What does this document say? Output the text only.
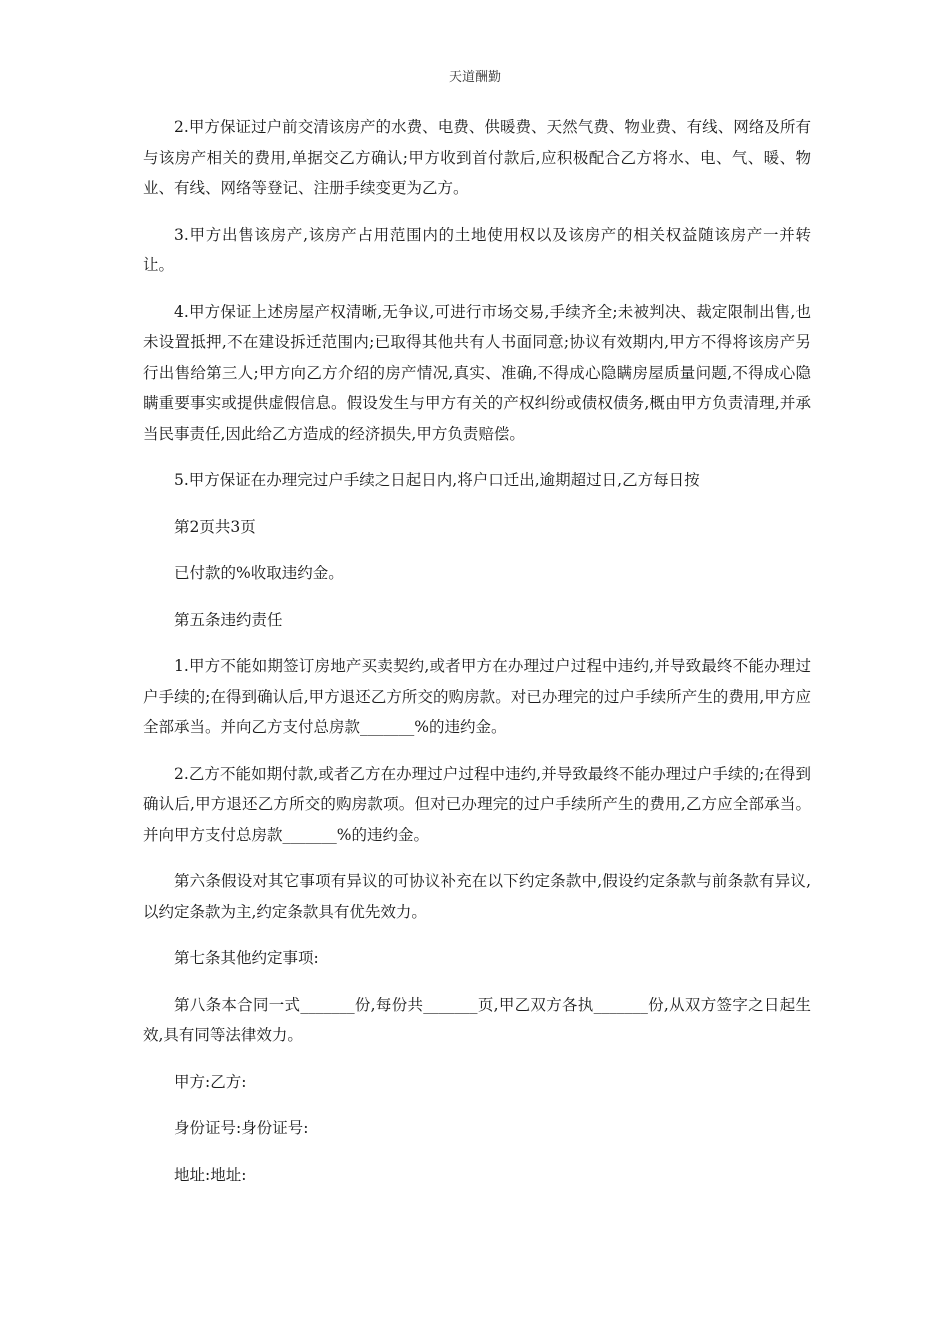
天道酬勤

2.甲方保证过户前交清该房产的水费、电费、供暖费、天然气费、物业费、有线、网络及所有与该房产相关的费用,单据交乙方确认;甲方收到首付款后,应积极配合乙方将水、电、气、暖、物业、有线、网络等登记、注册手续变更为乙方。

3.甲方出售该房产,该房产占用范围内的土地使用权以及该房产的相关权益随该房产一并转让。

4.甲方保证上述房屋产权清晰,无争议,可进行市场交易,手续齐全;未被判决、裁定限制出售,也未设置抵押,不在建设拆迁范围内;已取得其他共有人书面同意;协议有效期内,甲方不得将该房产另行出售给第三人;甲方向乙方介绍的房产情况,真实、准确,不得成心隐瞒房屋质量问题,不得成心隐瞒重要事实或提供虚假信息。假设发生与甲方有关的产权纠纷或债权债务,概由甲方负责清理,并承当民事责任,因此给乙方造成的经济损失,甲方负责赔偿。

5.甲方保证在办理完过户手续之日起日内,将户口迁出,逾期超过日,乙方每日按

第2页共3页

已付款的%收取违约金。

第五条违约责任

1.甲方不能如期签订房地产买卖契约,或者甲方在办理过户过程中违约,并导致最终不能办理过户手续的;在得到确认后,甲方退还乙方所交的购房款。对已办理完的过户手续所产生的费用,甲方应全部承当。并向乙方支付总房款_______%的违约金。

2.乙方不能如期付款,或者乙方在办理过户过程中违约,并导致最终不能办理过户手续的;在得到确认后,甲方退还乙方所交的购房款项。但对已办理完的过户手续所产生的费用,乙方应全部承当。并向甲方支付总房款_______%的违约金。

第六条假设对其它事项有异议的可协议补充在以下约定条款中,假设约定条款与前条款有异议,以约定条款为主,约定条款具有优先效力。

第七条其他约定事项:

第八条本合同一式_______份,每份共_______页,甲乙双方各执_______份,从双方签字之日起生效,具有同等法律效力。

甲方:乙方:

身份证号:身份证号:

地址:地址:
